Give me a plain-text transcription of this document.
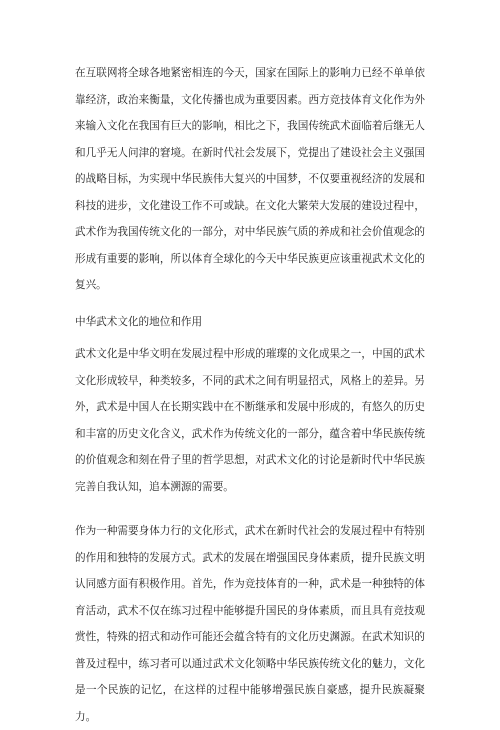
在互联网将全球各地紧密相连的今天，国家在国际上的影响力已经不单单依靠经济，政治来衡量，文化传播也成为重要因素。西方竞技体育文化作为外来输入文化在我国有巨大的影响，相比之下，我国传统武术面临着后继无人和几乎无人问津的窘境。在新时代社会发展下，党提出了建设社会主义强国的战略目标，为实现中华民族伟大复兴的中国梦，不仅要重视经济的发展和科技的进步，文化建设工作不可或缺。在文化大繁荣大发展的建设过程中，武术作为我国传统文化的一部分，对中华民族气质的养成和社会价值观念的形成有重要的影响，所以体育全球化的今天中华民族更应该重视武术文化的复兴。

中华武术文化的地位和作用

武术文化是中华文明在发展过程中形成的璀璨的文化成果之一，中国的武术文化形成较早，种类较多，不同的武术之间有明显招式，风格上的差异。另外，武术是中国人在长期实践中在不断继承和发展中形成的，有悠久的历史和丰富的历史文化含义，武术作为传统文化的一部分，蕴含着中华民族传统的价值观念和刻在骨子里的哲学思想，对武术文化的讨论是新时代中华民族完善自我认知，追本溯源的需要。

作为一种需要身体力行的文化形式，武术在新时代社会的发展过程中有特别的作用和独特的发展方式。武术的发展在增强国民身体素质，提升民族文明认同感方面有积极作用。首先，作为竞技体育的一种，武术是一种独特的体育活动，武术不仅在练习过程中能够提升国民的身体素质，而且具有竞技观赏性，特殊的招式和动作可能还会蕴含特有的文化历史渊源。在武术知识的普及过程中，练习者可以通过武术文化领略中华民族传统文化的魅力，文化是一个民族的记忆，在这样的过程中能够增强民族自豪感，提升民族凝聚力。
